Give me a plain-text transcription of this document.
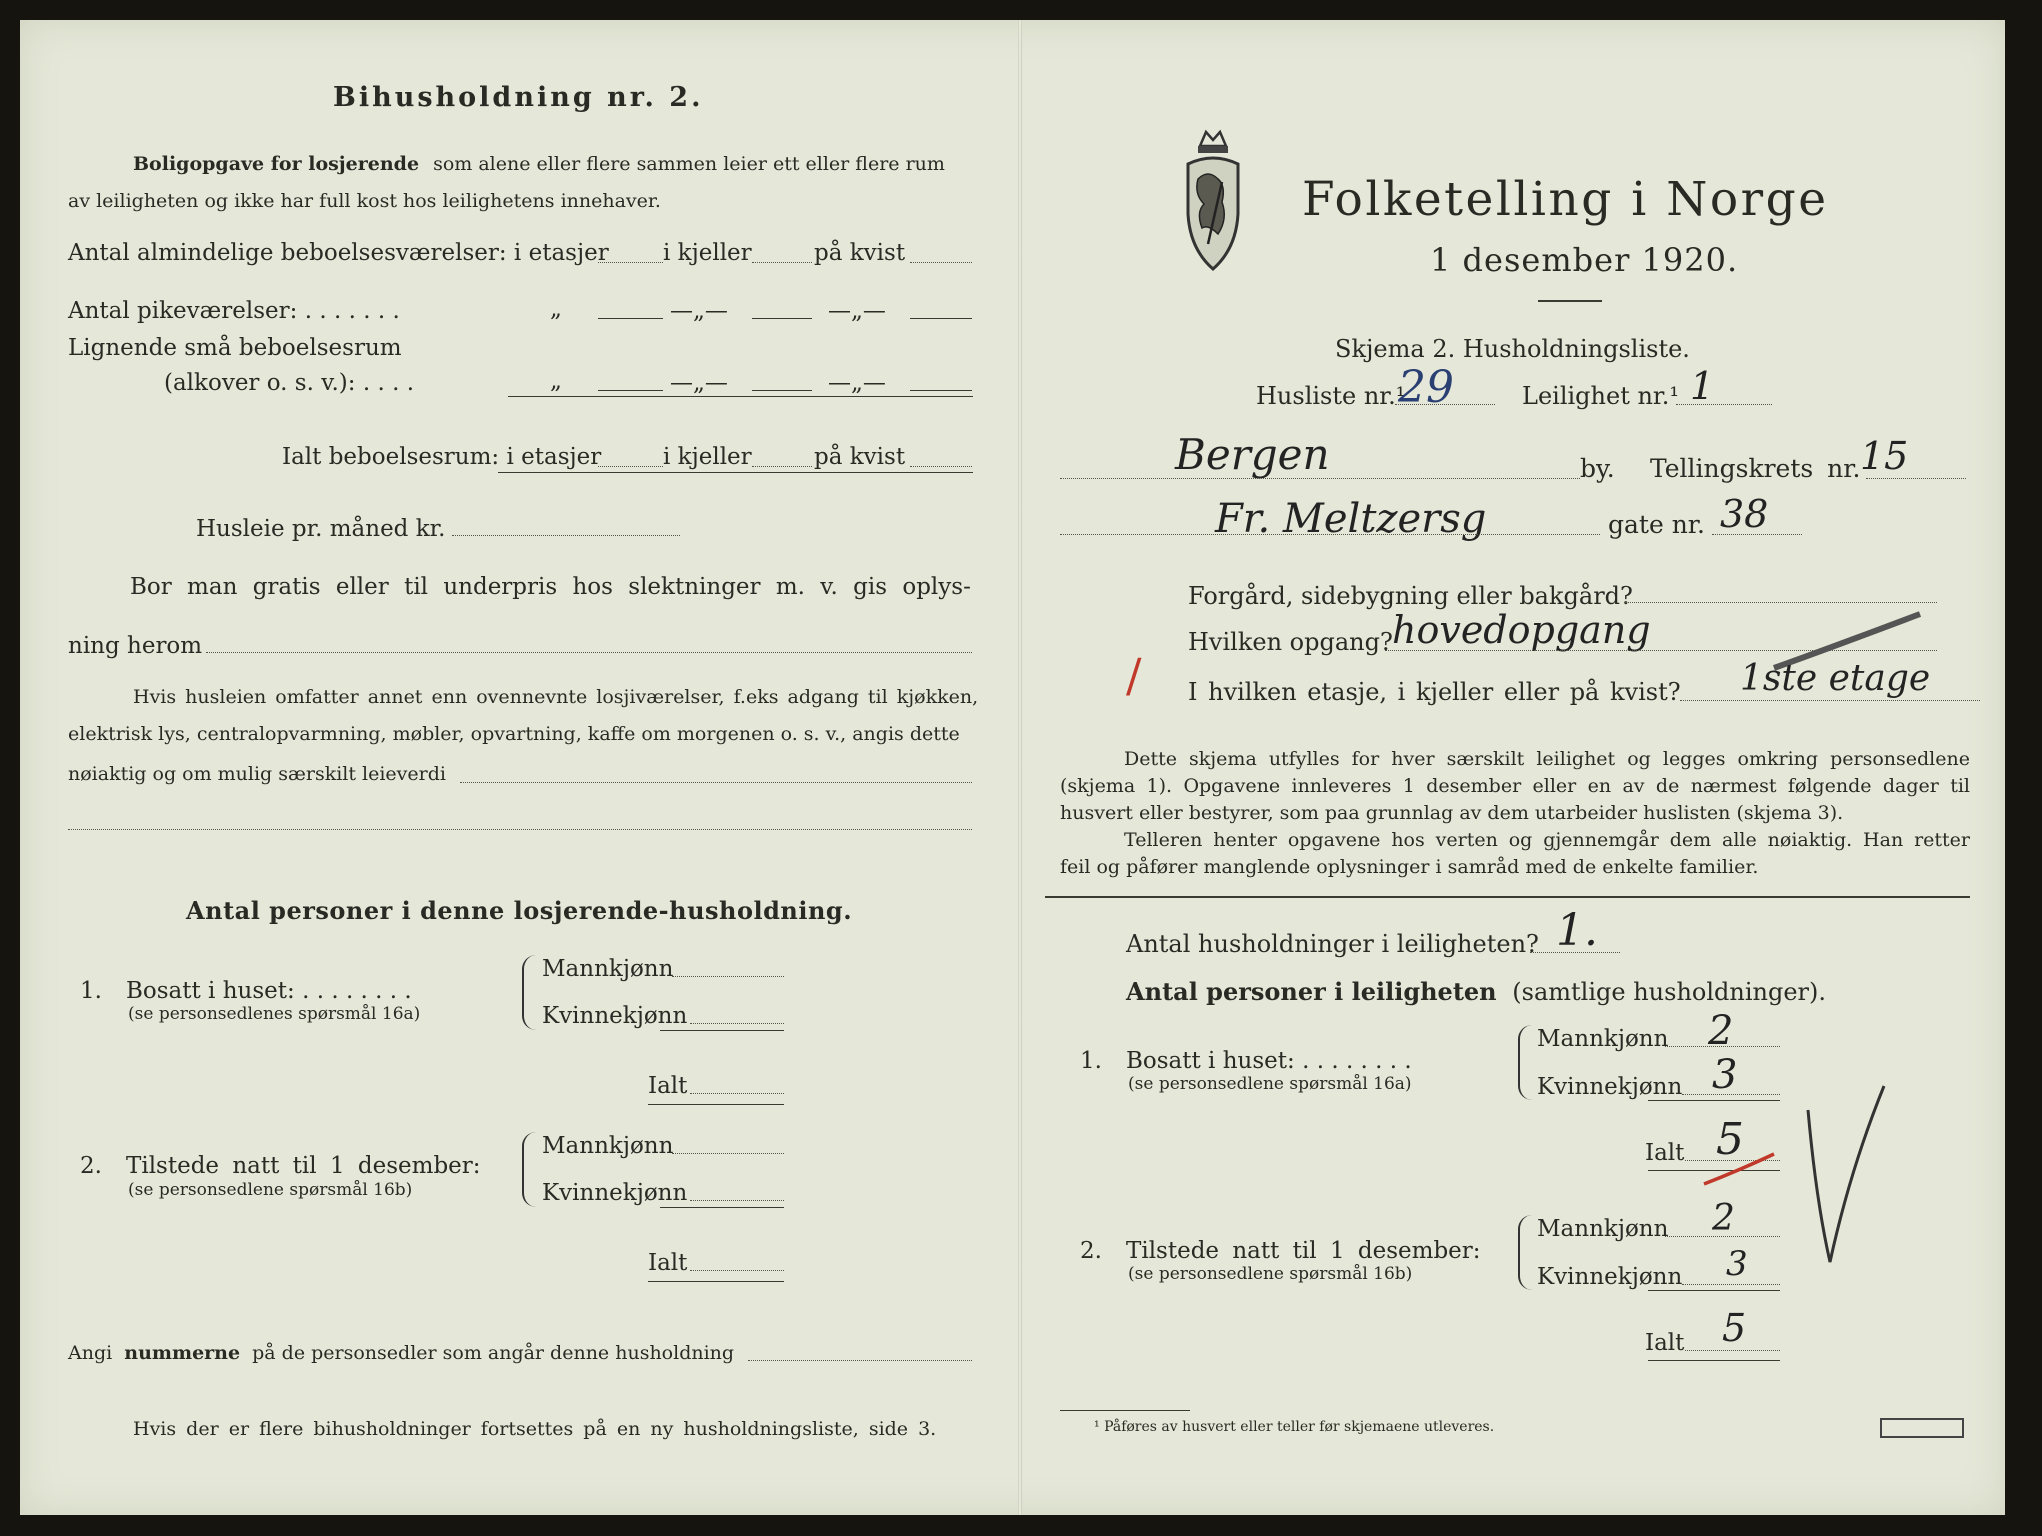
Bihusholdning nr. 2.
Boligopgave for losjerende som alene eller flere sammen leier ett eller flere rum
av leiligheten og ikke har full kost hos leilighetens innehaver.
Antal almindelige beboelsesværelser: i etasjer i kjeller	på kvist
Antal pikeværelser: . . . . . . .	„	—„—	—„—
Lignende små beboelsesrum
(alkover o. s. v.): . . . .	„	—„—	—„—
Ialt beboelsesrum: i etasjer	i kjeller	på kvist
Husleie pr. måned kr.
Bor man gratis eller til underpris hos slektninger m. v. gis oplys-
ning herom
Hvis husleien omfatter annet enn ovennevnte losjiværelser, f.eks adgang til kjøkken,
elektrisk lys, centralopvarmning, møbler, opvartning, kaffe om morgenen o. s. v., angis dette
nøiaktig og om mulig særskilt leieverdi
Antal personer i denne losjerende-husholdning.
1. Bosatt i huset: . . . . . . . .
(se personsedlenes spørsmål 16a)
Mannkjønn
Kvinnekjønn
Ialt
2. Tilstede natt til 1 desember:
(se personsedlene spørsmål 16b)
Mannkjønn
Kvinnekjønn
Ialt
Angi nummerne på de personsedler som angår denne husholdning
Hvis der er flere bihusholdninger fortsettes på en ny husholdningsliste, side 3.
Folketelling i Norge
1 desember 1920.
Skjema 2. Husholdningsliste.
Husliste nr.¹
29	Leilighet nr.¹ 1
Bergen	by. Tellingskrets nr. 15
Fr. Meltzersg	gate nr. 38
Forgård, sidebygning eller bakgård?
Hvilken opgang? hovedopgang
/ I hvilken etasje, i kjeller eller på kvist? 1ste etage

Dette skjema utfylles for hver særskilt leilighet og legges omkring personsedlene
(skjema 1). Opgavene innleveres 1 desember eller en av de nærmest følgende dager til
husvert eller bestyrer, som paa grunnlag av dem utarbeider huslisten (skjema 3).
Telleren henter opgavene hos verten og gjennemgår dem alle nøiaktig. Han retter
feil og påfører manglende oplysninger i samråd med de enkelte familier.

Antal husholdninger i leiligheten? 1.
Antal personer i leiligheten (samtlige husholdninger).
1. Bosatt i huset: . . . . . . . .
(se personsedlene spørsmål 16a)
Mannkjønn 2
Kvinnekjønn 3
Ialt 5
2. Tilstede natt til 1 desember:
(se personsedlene spørsmål 16b)
Mannkjønn 2
Kvinnekjønn 3
Ialt 5
¹ Påføres av husvert eller teller før skjemaene utleveres.
